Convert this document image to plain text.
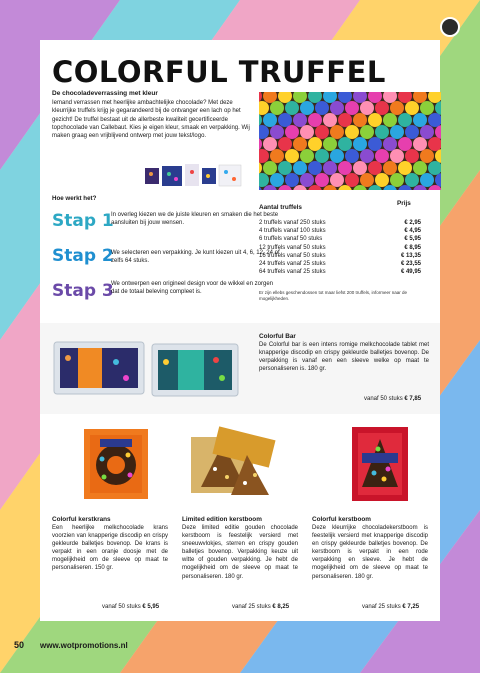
COLORFUL TRUFFEL
De chocoladeverrassing met kleur
Iemand verrassen met heerlijke ambachtelijke chocolade? Met deze kleurrijke truffels krijg je gegarandeerd bij de ontvanger een lach op het gezicht! De truffel bestaat uit de allerbeste kwaliteit gecertificeerde topchocolade van Callebaut. Kies je eigen kleur, smaak en verpakking. Wij maken graag een vrijblijvend ontwerp met jouw tekst/logo.
Hoe werkt het?
Stap 1
In overleg kiezen we de juiste kleuren en smaken die het beste aansluiten bij jouw wensen.
Stap 2
We selecteren een verpakking. Je kunt kiezen uit 4, 6, 12, 24 of zelfs 64 stuks.
Stap 3
We ontwerpen een origineel design voor de wikkel en zorgen dat de totaal beleving compleet is.
Aantal truffels
Prijs
2 truffels vanaf 250 stuks	€ 2,95
4 truffels vanaf 100 stuks	€ 4,95
6 truffels vanaf 50 stuks	€ 5,95
12 truffels vanaf 50 stuks	€ 8,95
16 truffels vanaf 50 stuks	€ 13,35
24 truffels vanaf 25 stuks	€ 23,55
64 truffels vanaf 25 stuks	€ 49,95
Er zijn ellebs geschendossen tot maar liefst 200 truffels, informeer naar de mogelijkheden.
Colorful Bar
De Colorful bar is een intens romige melkchocolade tablet met knapperige discodip en crispy gekleurde balletjes bovenop. De verpakking is vanaf een een sleeve welke op maat te personaliseren is. 180 gr.
vanaf 50 stuks € 7,85
Colorful kerstkrans
Een heerlijke melkchocolade krans voorzien van knapperige discodip en crispy gekleurde balletjes bovenop. De krans is verpakt in een oranje doosje met de mogelijkheid om de sleeve op maat te personaliseren. 150 gr.
vanaf 50 stuks € 5,95
Limited edition kerstboom
Deze limited editie gouden chocolade kerstboom is feestelijk versierd met sneeuwvlokjes, sterren en crispy gouden balletjes bovenop. Verpakking keuze uit witte of gouden verpakking. Je hebt de mogelijkheid om de sleeve op maat te personaliseren. 180 gr.
vanaf 25 stuks € 8,25
Colorful kerstboom
Deze kleurrijke chocoladekerstboom is feestelijk versierd met knapperige discodip en crispy gekleurde balletjes bovenop. De kerstboom is verpakt in een rode verpakking en sleeve. Je hebt de mogelijkheid om de sleeve op maat te personaliseren. 180 gr.
vanaf 25 stuks € 7,25
50 www.wotpromotions.nl
